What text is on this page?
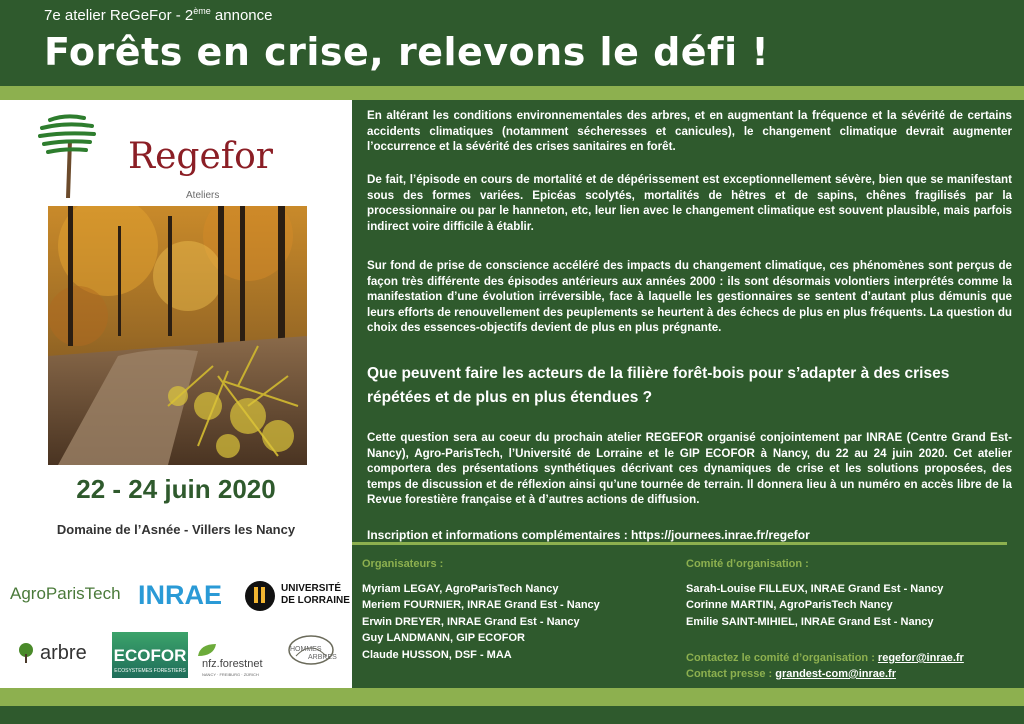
7e atelier ReGeFor - 2ème annonce
Forêts en crise, relevons le défi !
Regefor
Ateliers
22 - 24 juin 2020
Domaine de l’Asnée - Villers les Nancy
AgroParisTech INRAE	UNIVERSITÉ
DE LORRAINE
arbre ECOFOR
ECOSYSTEMES FORESTIERS
nfz.forestnet
NANCY · FREIBURG · ZÜRICH
HOMMES
ARBRES
En altérant les conditions environnementales des arbres, et en augmentant la fréquence et la sévérité de certains accidents climatiques (notamment sécheresses et canicules), le changement climatique devrait augmenter l’occurrence et la sévérité des crises sanitaires en forêt.
De fait, l’épisode en cours de mortalité et de dépérissement est exceptionnellement sévère, bien que se manifestant sous des formes variées. Epicéas scolytés, mortalités de hêtres et de sapins, chênes fragilisés par la processionnaire ou par le hanneton, etc, leur lien avec le changement climatique est souvent plausible, mais parfois indirect voire difficile à établir.
Sur fond de prise de conscience accéléré des impacts du changement climatique, ces phénomènes sont perçus de façon très différente des épisodes antérieurs aux années 2000 : ils sont désormais volontiers interprétés comme la manifestation d’une évolution irréversible, face à laquelle les gestionnaires se sentent d’autant plus démunis que leurs efforts de renouvellement des peuplements se heurtent à des échecs de plus en plus fréquents. La question du choix des essences-objectifs devient de plus en plus prégnante.
Que peuvent faire les acteurs de la filière forêt-bois pour s’adapter à des crises répétées et de plus en plus étendues ?
Cette question sera au coeur du prochain atelier REGEFOR organisé conjointement par INRAE (Centre Grand Est-Nancy), Agro-ParisTech, l’Université de Lorraine et le GIP ECOFOR à Nancy, du 22 au 24 juin 2020. Cet atelier comportera des présentations synthétiques décrivant ces dynamiques de crise et les solutions proposées, des temps de discussion et de réflexion ainsi qu’une tournée de terrain. Il donnera lieu à un numéro en accès libre de la Revue forestière française et à d’autres actions de diffusion.
Inscription et informations complémentaires : https://journees.inrae.fr/regefor
Organisateurs :
Myriam LEGAY, AgroParisTech Nancy
Meriem FOURNIER, INRAE Grand Est - Nancy
Erwin DREYER, INRAE Grand Est - Nancy
Guy LANDMANN, GIP ECOFOR
Claude HUSSON, DSF - MAA
Comité d’organisation :
Sarah-Louise FILLEUX, INRAE Grand Est - Nancy
Corinne MARTIN, AgroParisTech Nancy
Emilie SAINT-MIHIEL, INRAE Grand Est - Nancy
Contactez le comité d’organisation : regefor@inrae.fr
Contact presse : grandest-com@inrae.fr
